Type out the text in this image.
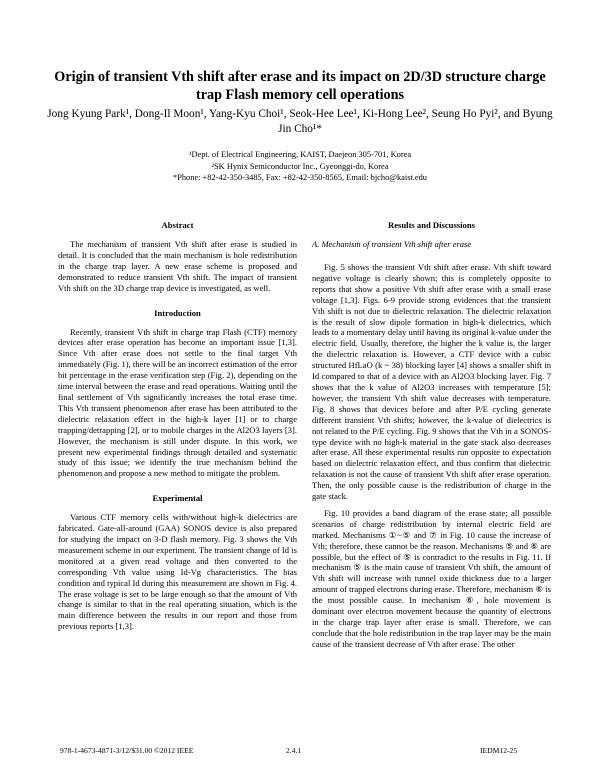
Origin of transient Vth shift after erase and its impact on 2D/3D structure charge trap Flash memory cell operations
Jong Kyung Park¹, Dong-Il Moon¹, Yang-Kyu Choi¹, Seok-Hee Lee¹, Ki-Hong Lee², Seung Ho Pyi², and Byung Jin Cho¹*
¹Dept. of Electrical Engineering, KAIST, Daejeon 305-701, Korea
²SK Hynix Semiconductor Inc., Gyeonggi-do, Korea
*Phone: +82-42-350-3485, Fax: +82-42-350-8565, Email: bjcho@kaist.edu
Abstract

The mechanism of transient Vth shift after erase is studied in detail. It is concluded that the main mechanism is hole redistribution in the charge trap layer. A new erase scheme is proposed and demonstrated to reduce transient Vth shift. The impact of transient Vth shift on the 3D charge trap device is investigated, as well.

Introduction

Recently, transient Vth shift in charge trap Flash (CTF) memory devices after erase operation has become an important issue [1,3]. Since Vth after erase does not settle to the final target Vth immediately (Fig. 1), there will be an incorrect estimation of the error bit percentage in the erase verification step (Fig. 2), depending on the time interval between the erase and read operations. Waiting until the final settlement of Vth significantly increases the total erase time. This Vth transient phenomenon after erase has been attributed to the dielectric relaxation effect in the high-k layer [1] or to charge trapping/detrapping [2], or to mobile charges in the Al2O3 layers [3]. However, the mechanism is still under dispute. In this work, we present new experimental findings through detailed and systematic study of this issue; we identify the true mechanism behind the phenomenon and propose a new method to mitigate the problem.

Experimental

Various CTF memory cells with/without high-k dielectrics are fabricated. Gate-all-around (GAA) SONOS device is also prepared for studying the impact on 3-D flash memory. Fig. 3 shows the Vth measurement scheme in our experiment. The transient change of Id is monitored at a given read voltage and then converted to the corresponding Vth value using Id-Vg characteristics. The bias condition and typical Id during this measurement are shown in Fig. 4. The erase voltage is set to be large enough so that the amount of Vth change is similar to that in the real operating situation, which is the main difference between the results in our report and those from previous reports [1,3].

Results and Discussions
A. Mechanism of transient Vth shift after erase

Fig. 5 shows the transient Vth shift after erase. Vth shift toward negative voltage is clearly shown; this is completely opposite to reports that show a positive Vth shift after erase with a small erase voltage [1,3]. Figs. 6-9 provide strong evidences that the transient Vth shift is not due to dielectric relaxation. The dielectric relaxation is the result of slow dipole formation in high-k dielectrics, which leads to a momentary delay until having its original k-value under the electric field. Usually, therefore, the higher the k value is, the larger the dielectric relaxation is. However, a CTF device with a cubic structured HfLaO (k ~ 38) blocking layer [4] shows a smaller shift in Id compared to that of a device with an Al2O3 blocking layer. Fig. 7 shows that the k value of Al2O3 increases with temperature [5]; however, the transient Vth shift value decreases with temperature. Fig. 8 shows that devices before and after P/E cycling generate different transient Vth shifts; however, the k-value of dielectrics is not related to the P/E cycling. Fig. 9 shows that the Vth in a SONOS-type device with no high-k material in the gate stack also decreases after erase. All these experimental results run opposite to expectation based on dielectric relaxation effect, and thus confirm that dielectric relaxation is not the cause of transient Vth shift after erase operation. Then, the only possible cause is the redistribution of charge in the gate stack.

Fig. 10 provides a band diagram of the erase state; all possible scenarios of charge redistribution by internal electric field are marked. Mechanisms ①~⑤ and ⑦ in Fig. 10 cause the increase of Vth; therefore, these cannot be the reason. Mechanisms ⑤ and ⑥ are possible, but the effect of ⑤ is contradict to the results in Fig. 11. If mechanism ⑤ is the main cause of transient Vth shift, the amount of Vth shift will increase with tunnel oxide thickness due to a larger amount of trapped electrons during erase. Therefore, mechanism ⑥ is the most possible cause. In mechanism ⑥, hole movement is dominant over electron movement because the quantity of electrons in the charge trap layer after erase is small. Therefore, we can conclude that the hole redistribution in the trap layer may be the main cause of the transient decrease of Vth after erase. The other

978-1-4673-4871-3/12/$31.00 ©2012 IEEE	2.4.1	IEDM12-25
